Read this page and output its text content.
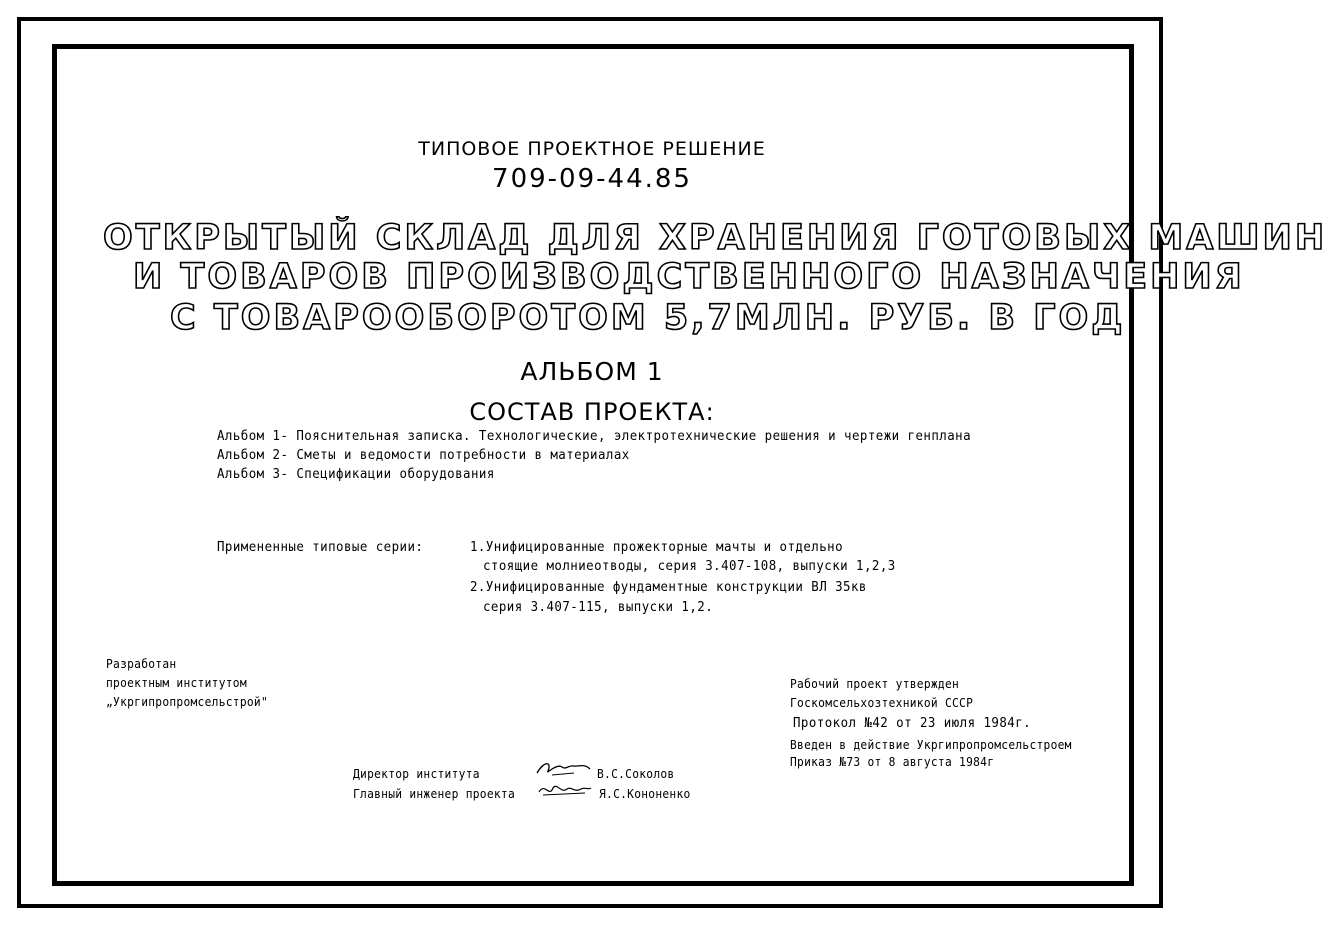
ТИПОВОЕ ПРОЕКТНОЕ РЕШЕНИЕ
709-09-44.85
ОТКРЫТЫЙ СКЛАД ДЛЯ ХРАНЕНИЯ ГОТОВЫХ МАШИН
И ТОВАРОВ ПРОИЗВОДСТВЕННОГО НАЗНАЧЕНИЯ
С ТОВАРООБОРОТОМ 5,7МЛН. РУБ. В ГОД
АЛЬБОМ 1
СОСТАВ ПРОЕКТА:
Альбом 1- Пояснительная записка. Технологические, электротехнические решения и чертежи генплана
Альбом 2- Сметы и ведомости потребности в материалах
Альбом 3- Спецификации оборудования
Примененные типовые серии:	1.Унифицированные прожекторные мачты и отдельно
стоящие молниеотводы, серия 3.407-108, выпуски 1,2,3
2.Унифицированные фундаментные конструкции ВЛ 35кв
серия 3.407-115, выпуски 1,2.
Разработан
проектным институтом
„Укргипропромсельстрой"
Рабочий проект утвержден
Госкомсельхозтехникой СССР
Протокол №42 от 23 июля 1984г.
Введен в действие Укргипропромсельстроем
Приказ №73 от 8 августа 1984г
Директор института	В.С.Соколов
Главный инженер проекта	Я.С.Кононенко
